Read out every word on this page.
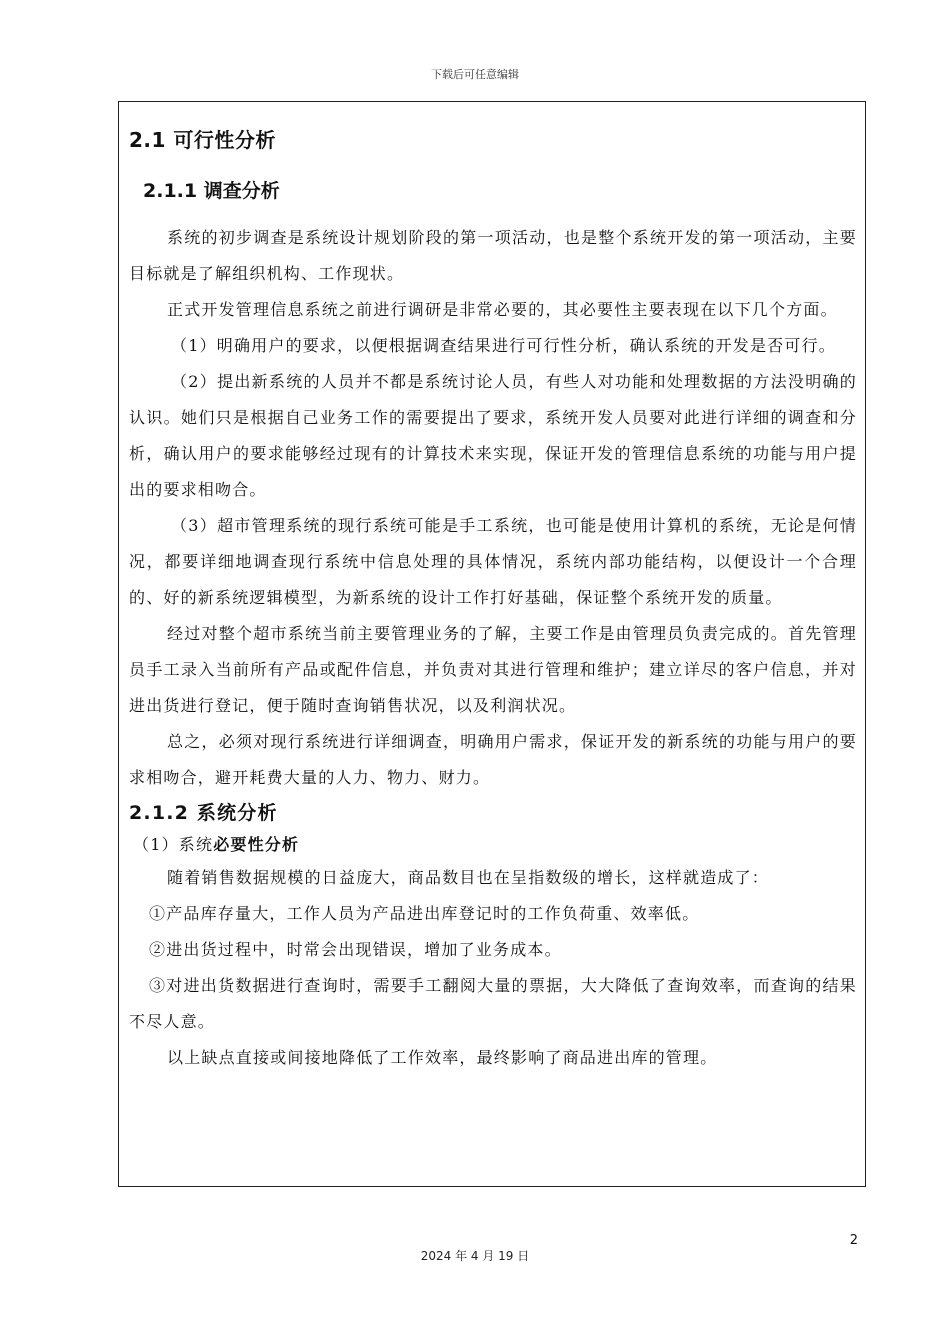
下载后可任意编辑
2.1 可行性分析
2.1.1 调查分析

系统的初步调查是系统设计规划阶段的第一项活动，也是整个系统开发的第一项活动，主要目标就是了解组织机构、工作现状。

正式开发管理信息系统之前进行调研是非常必要的，其必要性主要表现在以下几个方面。

（1）明确用户的要求，以便根据调查结果进行可行性分析，确认系统的开发是否可行。

（2）提出新系统的人员并不都是系统讨论人员，有些人对功能和处理数据的方法没明确的认识。她们只是根据自己业务工作的需要提出了要求，系统开发人员要对此进行详细的调查和分析，确认用户的要求能够经过现有的计算技术来实现，保证开发的管理信息系统的功能与用户提出的要求相吻合。

（3）超市管理系统的现行系统可能是手工系统，也可能是使用计算机的系统，无论是何情况，都要详细地调查现行系统中信息处理的具体情况，系统内部功能结构，以便设计一个合理的、好的新系统逻辑模型，为新系统的设计工作打好基础，保证整个系统开发的质量。

经过对整个超市系统当前主要管理业务的了解，主要工作是由管理员负责完成的。首先管理员手工录入当前所有产品或配件信息，并负责对其进行管理和维护；建立详尽的客户信息，并对进出货进行登记，便于随时查询销售状况，以及利润状况。

总之，必须对现行系统进行详细调查，明确用户需求，保证开发的新系统的功能与用户的要求相吻合，避开耗费大量的人力、物力、财力。

2.1.2 系统分析
（1）系统必要性分析

随着销售数据规模的日益庞大，商品数目也在呈指数级的增长，这样就造成了：

①产品库存量大，工作人员为产品进出库登记时的工作负荷重、效率低。

②进出货过程中，时常会出现错误，增加了业务成本。

③对进出货数据进行查询时，需要手工翻阅大量的票据，大大降低了查询效率，而查询的结果不尽人意。

以上缺点直接或间接地降低了工作效率，最终影响了商品进出库的管理。

2
2024 年 4 月 19 日
